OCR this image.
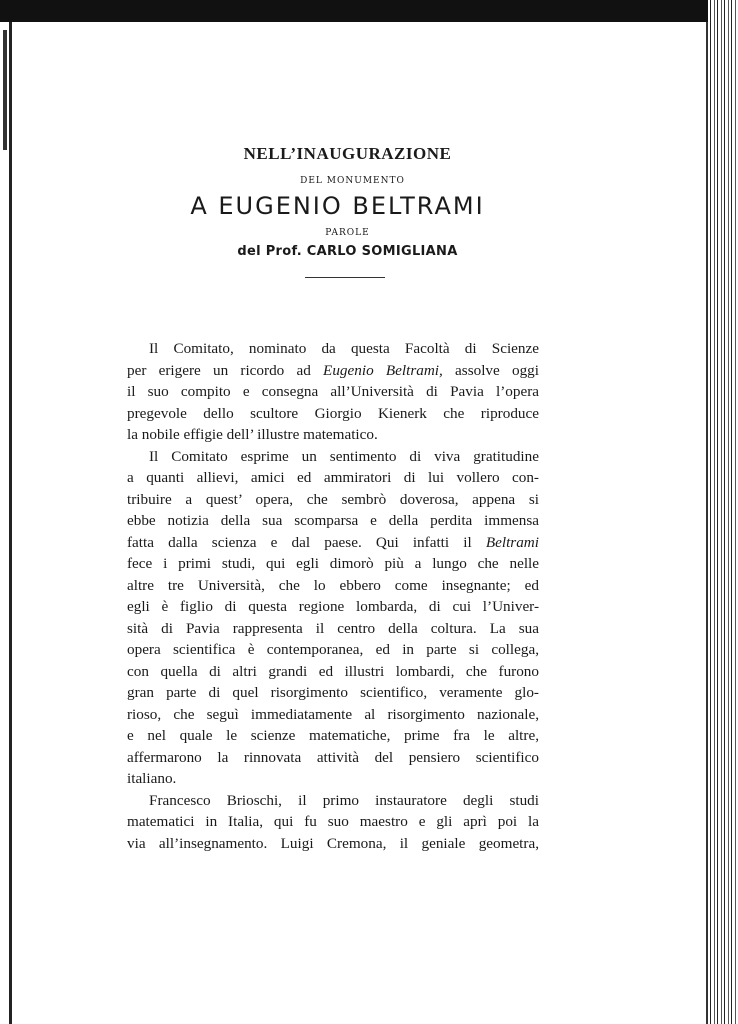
NELL’INAUGURAZIONE
DEL MONUMENTO
A EUGENIO BELTRAMI
PAROLE
del Prof. CARLO SOMIGLIANA
Il Comitato, nominato da questa Facoltà di Scienze
per erigere un ricordo ad Eugenio Beltrami, assolve oggi
il suo compito e consegna all’Università di Pavia l’opera
pregevole dello scultore Giorgio Kienerk che riproduce
la nobile effigie dell’ illustre matematico.
Il Comitato esprime un sentimento di viva gratitudine
a quanti allievi, amici ed ammiratori di lui vollero con-
tribuire a quest’ opera, che sembrò doverosa, appena si
ebbe notizia della sua scomparsa e della perdita immensa
fatta dalla scienza e dal paese. Qui infatti il Beltrami
fece i primi studi, qui egli dimorò più a lungo che nelle
altre tre Università, che lo ebbero come insegnante; ed
egli è figlio di questa regione lombarda, di cui l’Univer-
sità di Pavia rappresenta il centro della coltura. La sua
opera scientifica è contemporanea, ed in parte si collega,
con quella di altri grandi ed illustri lombardi, che furono
gran parte di quel risorgimento scientifico, veramente glo-
rioso, che seguì immediatamente al risorgimento nazionale,
e nel quale le scienze matematiche, prime fra le altre,
affermarono la rinnovata attività del pensiero scientifico
italiano.
Francesco Brioschi, il primo instauratore degli studi
matematici in Italia, qui fu suo maestro e gli aprì poi la
via all’insegnamento. Luigi Cremona, il geniale geometra,
